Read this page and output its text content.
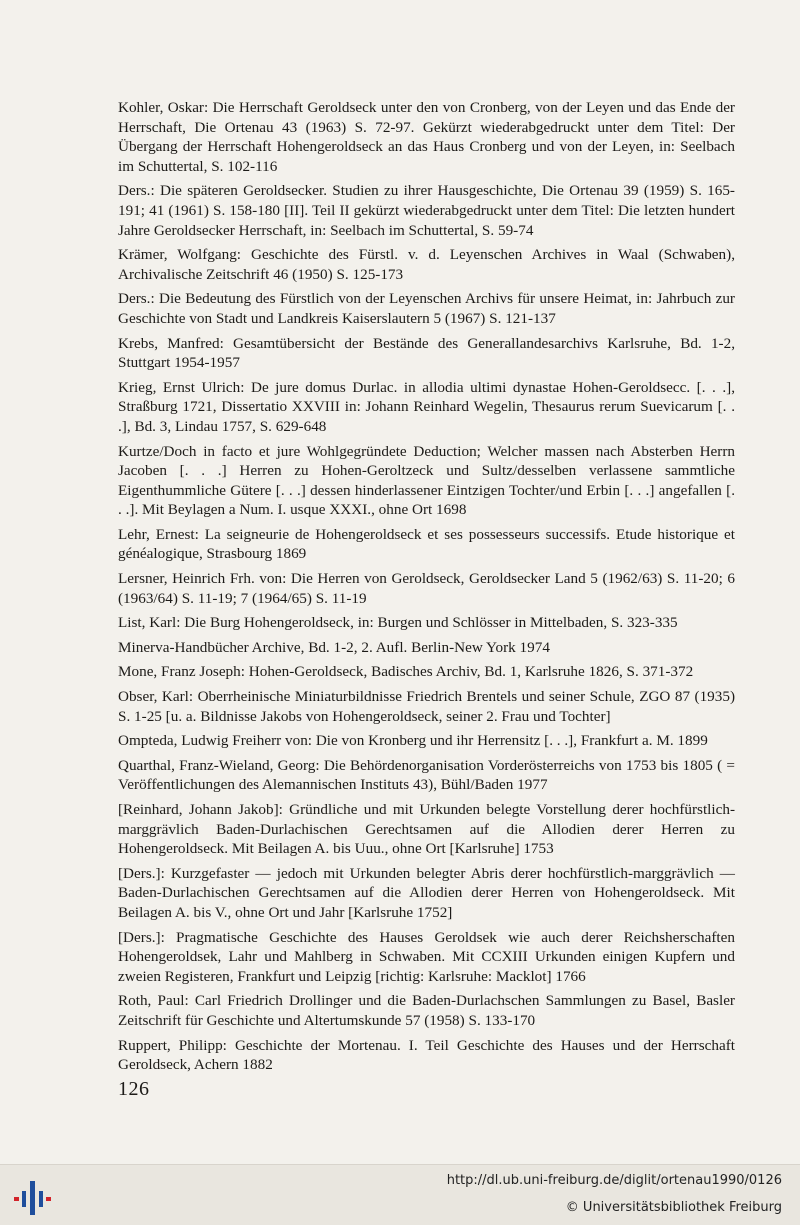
Kohler, Oskar: Die Herrschaft Geroldseck unter den von Cronberg, von der Leyen und das Ende der Herrschaft, Die Ortenau 43 (1963) S. 72-97. Gekürzt wiederabgedruckt unter dem Titel: Der Übergang der Herrschaft Hohengeroldseck an das Haus Cronberg und von der Leyen, in: Seelbach im Schuttertal, S. 102-116

Ders.: Die späteren Geroldsecker. Studien zu ihrer Hausgeschichte, Die Ortenau 39 (1959) S. 165-191; 41 (1961) S. 158-180 [II]. Teil II gekürzt wiederabgedruckt unter dem Titel: Die letzten hundert Jahre Geroldsecker Herrschaft, in: Seelbach im Schuttertal, S. 59-74

Krämer, Wolfgang: Geschichte des Fürstl. v. d. Leyenschen Archives in Waal (Schwaben), Archivalische Zeitschrift 46 (1950) S. 125-173

Ders.: Die Bedeutung des Fürstlich von der Leyenschen Archivs für unsere Heimat, in: Jahrbuch zur Geschichte von Stadt und Landkreis Kaiserslautern 5 (1967) S. 121-137

Krebs, Manfred: Gesamtübersicht der Bestände des Generallandesarchivs Karlsruhe, Bd. 1-2, Stuttgart 1954-1957

Krieg, Ernst Ulrich: De jure domus Durlac. in allodia ultimi dynastae Hohen-Geroldsecc. [. . .], Straßburg 1721, Dissertatio XXVIII in: Johann Reinhard Wegelin, Thesaurus rerum Suevicarum [. . .], Bd. 3, Lindau 1757, S. 629-648

Kurtze/Doch in facto et jure Wohlgegründete Deduction; Welcher massen nach Absterben Herrn Jacoben [. . .] Herren zu Hohen-Geroltzeck und Sultz/desselben verlassene sammtliche Eigenthummliche Gütere [. . .] dessen hinderlassener Eintzigen Tochter/und Erbin [. . .] angefallen [. . .]. Mit Beylagen a Num. I. usque XXXI., ohne Ort 1698

Lehr, Ernest: La seigneurie de Hohengeroldseck et ses possesseurs successifs. Etude historique et généalogique, Strasbourg 1869

Lersner, Heinrich Frh. von: Die Herren von Geroldseck, Geroldsecker Land 5 (1962/63) S. 11-20; 6 (1963/64) S. 11-19; 7 (1964/65) S. 11-19

List, Karl: Die Burg Hohengeroldseck, in: Burgen und Schlösser in Mittelbaden, S. 323-335

Minerva-Handbücher Archive, Bd. 1-2, 2. Aufl. Berlin-New York 1974

Mone, Franz Joseph: Hohen-Geroldseck, Badisches Archiv, Bd. 1, Karlsruhe 1826, S. 371-372

Obser, Karl: Oberrheinische Miniaturbildnisse Friedrich Brentels und seiner Schule, ZGO 87 (1935) S. 1-25 [u. a. Bildnisse Jakobs von Hohengeroldseck, seiner 2. Frau und Tochter]

Ompteda, Ludwig Freiherr von: Die von Kronberg und ihr Herrensitz [. . .], Frankfurt a. M. 1899

Quarthal, Franz-Wieland, Georg: Die Behördenorganisation Vorderösterreichs von 1753 bis 1805 ( = Veröffentlichungen des Alemannischen Instituts 43), Bühl/Baden 1977

[Reinhard, Johann Jakob]: Gründliche und mit Urkunden belegte Vorstellung derer hochfürstlich-marggrävlich Baden-Durlachischen Gerechtsamen auf die Allodien derer Herren zu Hohengeroldseck. Mit Beilagen A. bis Uuu., ohne Ort [Karlsruhe] 1753

[Ders.]: Kurzgefaster — jedoch mit Urkunden belegter Abris derer hochfürstlich-marggrävlich — Baden-Durlachischen Gerechtsamen auf die Allodien derer Herren von Hohengeroldseck. Mit Beilagen A. bis V., ohne Ort und Jahr [Karlsruhe 1752]

[Ders.]: Pragmatische Geschichte des Hauses Geroldsek wie auch derer Reichsherschaften Hohengeroldsek, Lahr und Mahlberg in Schwaben. Mit CCXIII Urkunden einigen Kupfern und zweien Registeren, Frankfurt und Leipzig [richtig: Karlsruhe: Macklot] 1766

Roth, Paul: Carl Friedrich Drollinger und die Baden-Durlachschen Sammlungen zu Basel, Basler Zeitschrift für Geschichte und Altertumskunde 57 (1958) S. 133-170

Ruppert, Philipp: Geschichte der Mortenau. I. Teil Geschichte des Hauses und der Herrschaft Geroldseck, Achern 1882

126
http://dl.ub.uni-freiburg.de/diglit/ortenau1990/0126
© Universitätsbibliothek Freiburg
